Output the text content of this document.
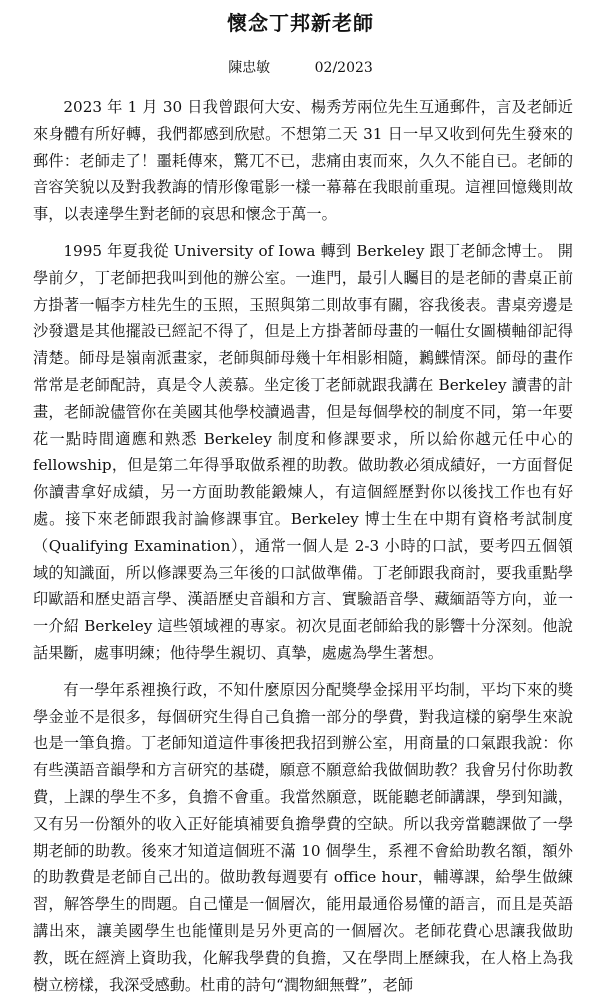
懷念丁邦新老師
陳忠敏	02/2023

2023 年 1 月 30 日我曾跟何大安、楊秀芳兩位先生互通郵件，言及老師近來身體有所好轉，我們都感到欣慰。不想第二天 31 日一早又收到何先生發來的郵件：老師走了！噩耗傳來，驚兀不已，悲痛由衷而來，久久不能自已。老師的音容笑貌以及對我教誨的情形像電影一樣一幕幕在我眼前重現。這裡回憶幾則故事，以表達學生對老師的哀思和懷念于萬一。

1995 年夏我從 University of Iowa 轉到 Berkeley 跟丁老師念博士。 開學前夕，丁老師把我叫到他的辦公室。一進門，最引人矚目的是老師的書桌正前方掛著一幅李方桂先生的玉照，玉照與第二則故事有關，容我後表。書桌旁邊是沙發還是其他擺設已經記不得了，但是上方掛著師母畫的一幅仕女圖橫軸卻記得清楚。師母是嶺南派畫家，老師與師母幾十年相影相隨，鶼鰈情深。師母的畫作常常是老師配詩，真是令人羨慕。坐定後丁老師就跟我講在 Berkeley 讀書的計畫，老師說儘管你在美國其他學校讀過書，但是每個學校的制度不同，第一年要花一點時間適應和熟悉 Berkeley 制度和修課要求，所以給你越元任中心的 fellowship，但是第二年得爭取做系裡的助教。做助教必須成績好，一方面督促你讀書拿好成績，另一方面助教能鍛煉人，有這個經歷對你以後找工作也有好處。接下來老師跟我討論修課事宜。Berkeley 博士生在中期有資格考試制度（Qualifying Examination），通常一個人是 2-3 小時的口試，要考四五個領域的知識面，所以修課要為三年後的口試做準備。丁老師跟我商討，要我重點學印歐語和歷史語言學、漢語歷史音韻和方言、實驗語音學、藏緬語等方向，並一一介紹 Berkeley 這些領域裡的專家。初次見面老師給我的影響十分深刻。他說話果斷，處事明練；他待學生親切、真摯，處處為學生著想。

有一學年系裡換行政，不知什麼原因分配獎學金採用平均制，平均下來的獎學金並不是很多，每個研究生得自己負擔一部分的學費，對我這樣的窮學生來說也是一筆負擔。丁老師知道這件事後把我招到辦公室，用商量的口氣跟我說：你有些漢語音韻學和方言研究的基礎，願意不願意給我做個助教？我會另付你助教費，上課的學生不多，負擔不會重。我當然願意，既能聽老師講課，學到知識，又有另一份額外的收入正好能填補要負擔學費的空缺。所以我旁當聽課做了一學期老師的助教。後來才知道這個班不滿 10 個學生，系裡不會給助教名額，額外的助教費是老師自己出的。做助教每週要有 office hour，輔導課，給學生做練習，解答學生的問題。自己懂是一個層次，能用最通俗易懂的語言，而且是英語講出來，讓美國學生也能懂則是另外更高的一個層次。老師花費心思讓我做助教，既在經濟上資助我，化解我學費的負擔，又在學問上歷練我，在人格上為我樹立榜樣，我深受感動。杜甫的詩句“潤物細無聲”，老師
